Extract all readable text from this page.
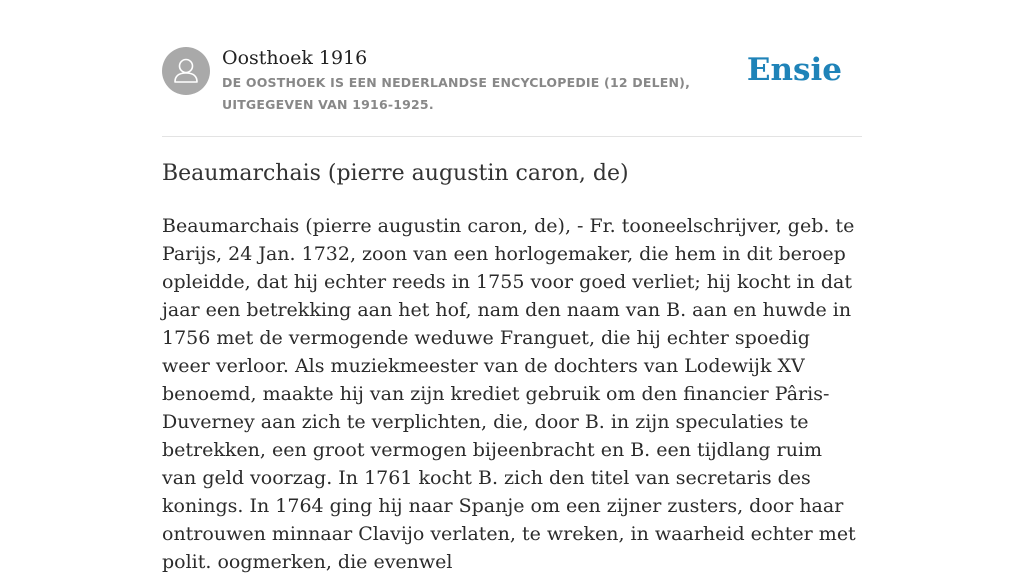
Oosthoek 1916
DE OOSTHOEK IS EEN NEDERLANDSE ENCYCLOPEDIE (12 DELEN), UITGEGEVEN VAN 1916-1925.
Ensie
Beaumarchais (pierre augustin caron, de)

Beaumarchais (pierre augustin caron, de), - Fr. tooneelschrijver, geb. te Parijs, 24 Jan. 1732, zoon van een horlogemaker, die hem in dit beroep opleidde, dat hij echter reeds in 1755 voor goed verliet; hij kocht in dat jaar een betrekking aan het hof, nam den naam van B. aan en huwde in 1756 met de vermogende weduwe Franguet, die hij echter spoedig weer verloor. Als muziekmeester van de dochters van Lodewijk XV benoemd, maakte hij van zijn krediet gebruik om den financier Pâris-Duverney aan zich te verplichten, die, door B. in zijn speculaties te betrekken, een groot vermogen bijeenbracht en B. een tijdlang ruim van geld voorzag. In 1761 kocht B. zich den titel van secretaris des konings. In 1764 ging hij naar Spanje om een zijner zusters, door haar ontrouwen minnaar Clavijo verlaten, te wreken, in waarheid echter met polit. oogmerken, die evenwel
